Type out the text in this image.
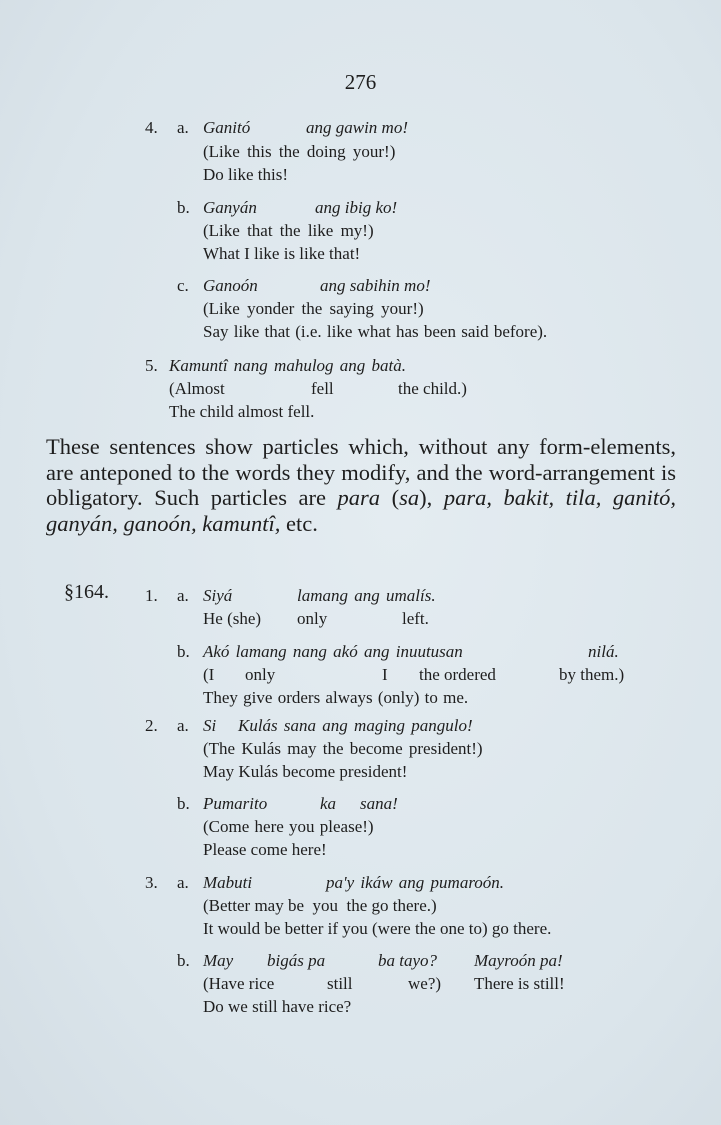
276
4. a. Ganitó	ang gawin mo!
(Like this the doing your!)
Do like this!
b. Ganyán	ang ibig ko!
(Like that the like my!)
What I like is like that!
c. Ganoón	ang sabihin mo!
(Like yonder the saying your!)
Say like that (i.e. like what has been said before).
5. Kamuntî nang mahulog ang batà.
(Almost	fell	the child.)
The child almost fell.
These sentences show particles which, without any form-elements, are anteponed to the words they modify, and the word-arrangement is obligatory. Such particles are para (sa), para, bakit, tila, ganitó, ganyán, ganoón, kamuntî, etc.
§164. 1. a. Siyá	lamang ang umalís.
He (she) only	left.
b. Akó lamang nang akó ang inuutusan	nilá.
(I only	I the ordered	by them.)
They give orders always (only) to me.
2. a. Si Kulás sana ang maging pangulo!
(The Kulás may the become president!)
May Kulás become president!
b. Pumarito	ka sana!
(Come here you please!)
Please come here!
3. a. Mabuti	pa'y ikáw ang pumaroón.
(Better may be  you  the go there.)
It would be better if you (were the one to) go there.
b. May bigás pa	ba tayo? Mayroón pa!
(Have rice	still	we?) There is still!
Do we still have rice?
